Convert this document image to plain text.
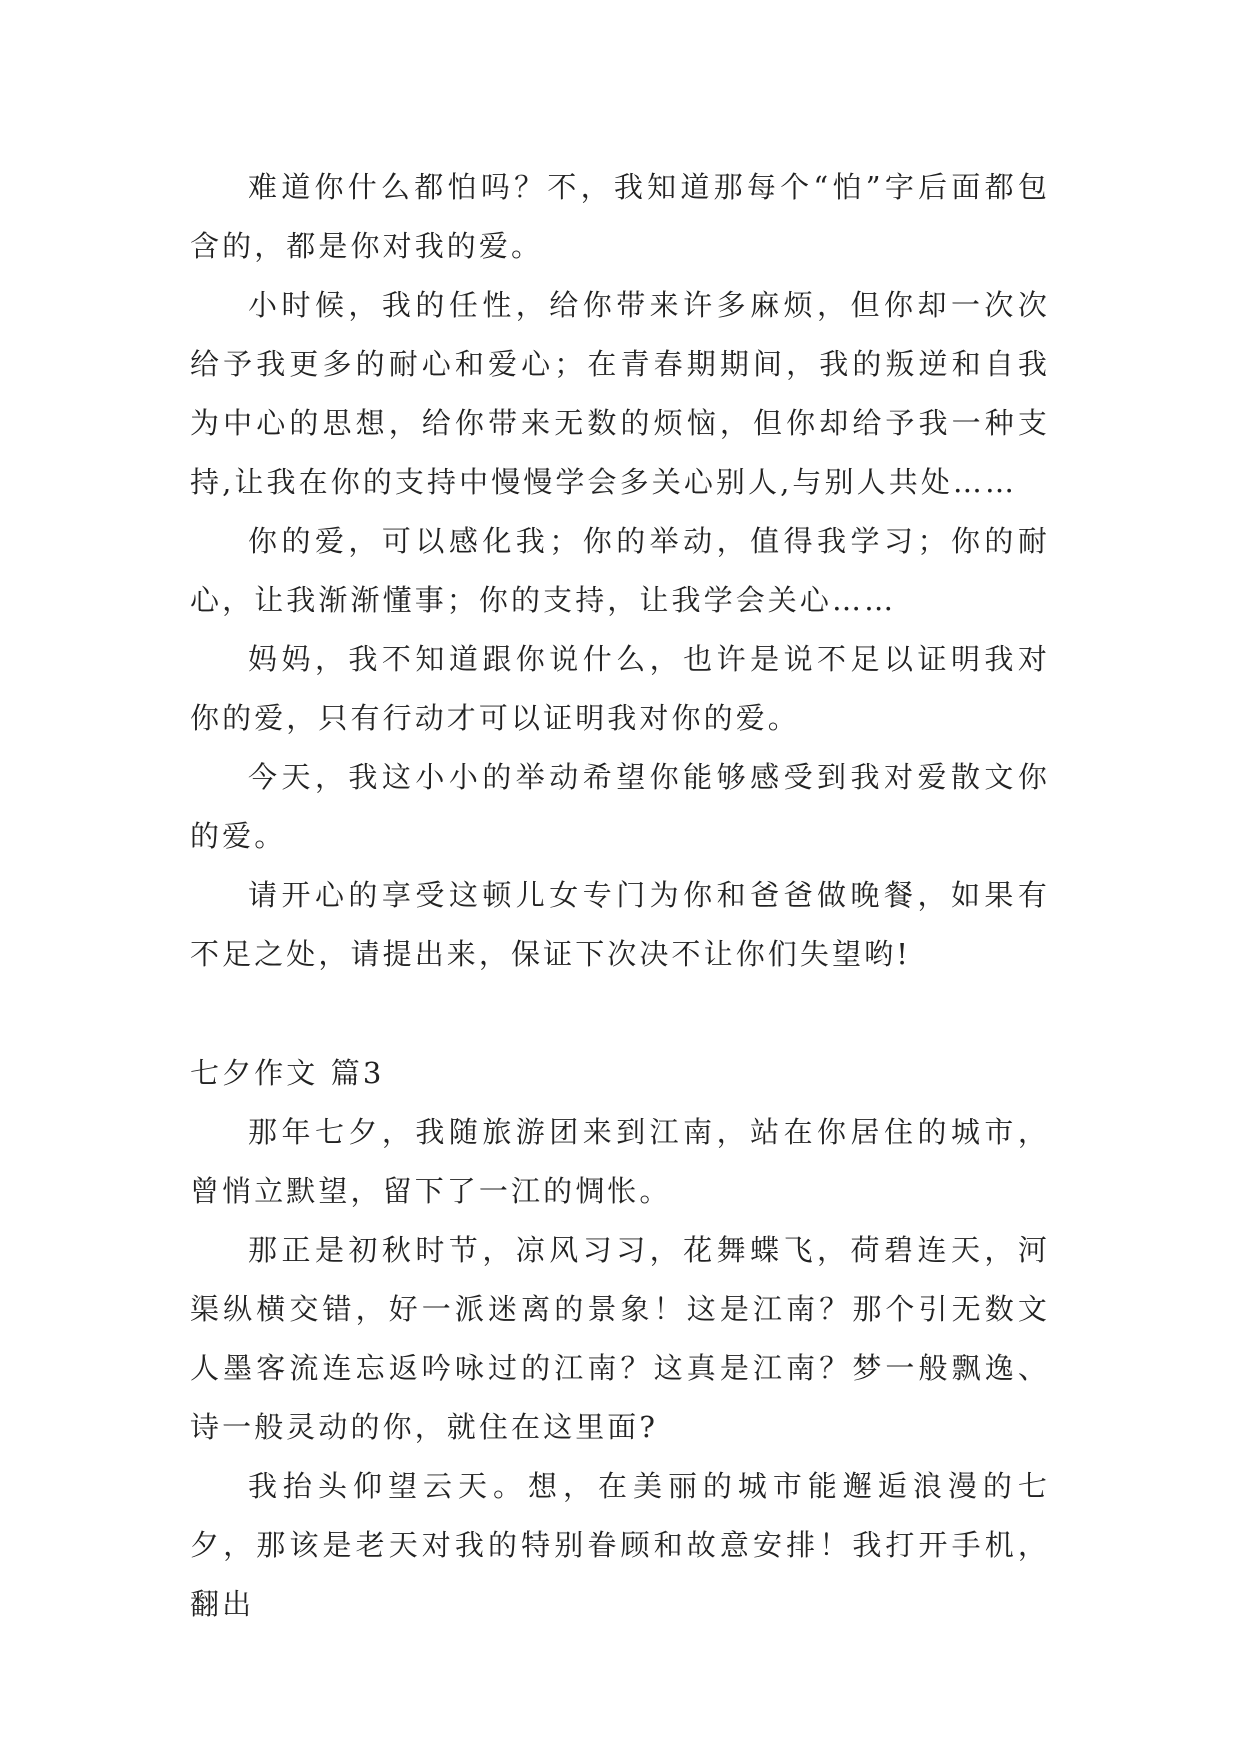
难道你什么都怕吗？不，我知道那每个“怕”字后面都包含的，都是你对我的爱。

小时候，我的任性，给你带来许多麻烦，但你却一次次给予我更多的耐心和爱心；在青春期期间，我的叛逆和自我为中心的思想，给你带来无数的烦恼，但你却给予我一种支持,让我在你的支持中慢慢学会多关心别人,与别人共处……

你的爱，可以感化我；你的举动，值得我学习；你的耐心，让我渐渐懂事；你的支持，让我学会关心……

妈妈，我不知道跟你说什么，也许是说不足以证明我对你的爱，只有行动才可以证明我对你的爱。

今天，我这小小的举动希望你能够感受到我对爱散文你的爱。

请开心的享受这顿儿女专门为你和爸爸做晚餐，如果有不足之处，请提出来，保证下次决不让你们失望哟!

七夕作文 篇3

那年七夕，我随旅游团来到江南，站在你居住的城市，曾悄立默望，留下了一江的惆怅。

那正是初秋时节，凉风习习，花舞蝶飞，荷碧连天，河渠纵横交错，好一派迷离的景象！这是江南？那个引无数文人墨客流连忘返吟咏过的江南？这真是江南？梦一般飘逸、诗一般灵动的你，就住在这里面?

我抬头仰望云天。想，在美丽的城市能邂逅浪漫的七夕，那该是老天对我的特别眷顾和故意安排！我打开手机，翻出
